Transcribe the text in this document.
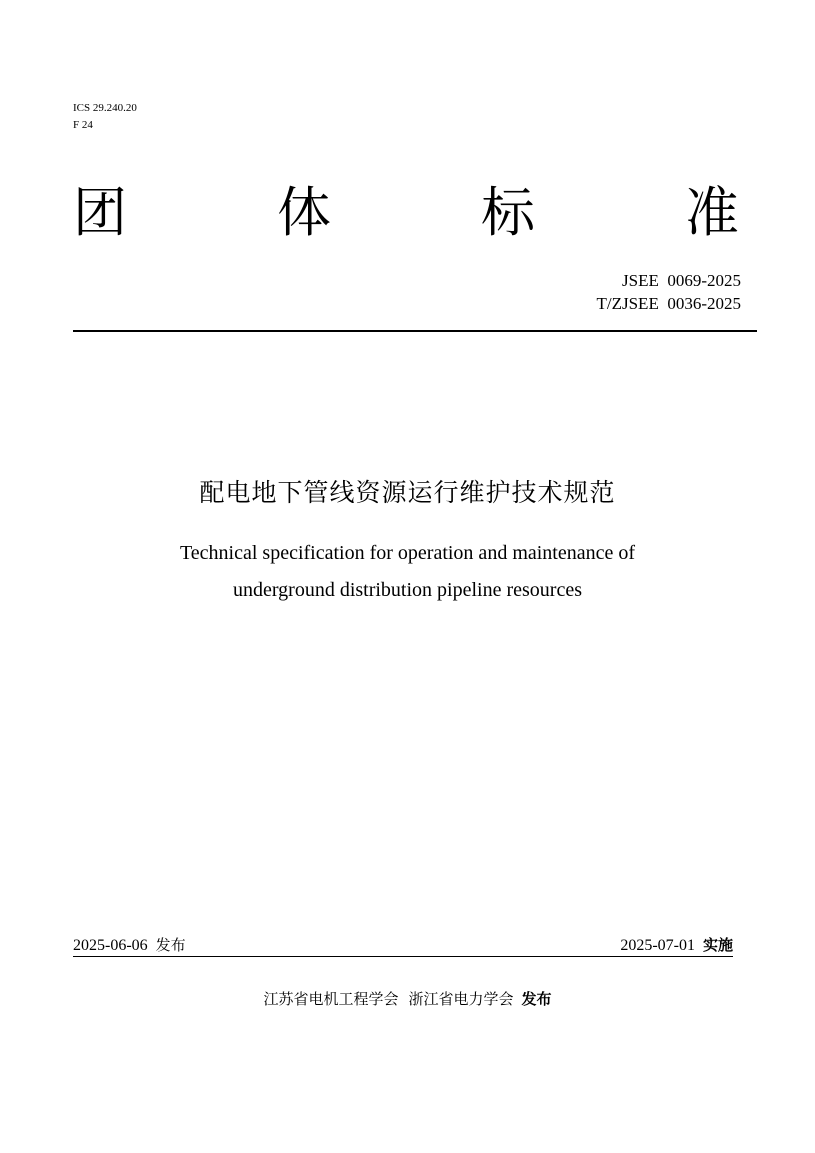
ICS 29.240.20
F 24
团	体	标	准
JSEE  0069-2025
T/ZJSEE  0036-2025
配电地下管线资源运行维护技术规范
Technical specification for operation and maintenance of
underground distribution pipeline resources
2025-06-06 发布	2025-07-01 实施
江苏省电机工程学会 浙江省电力学会 发布
